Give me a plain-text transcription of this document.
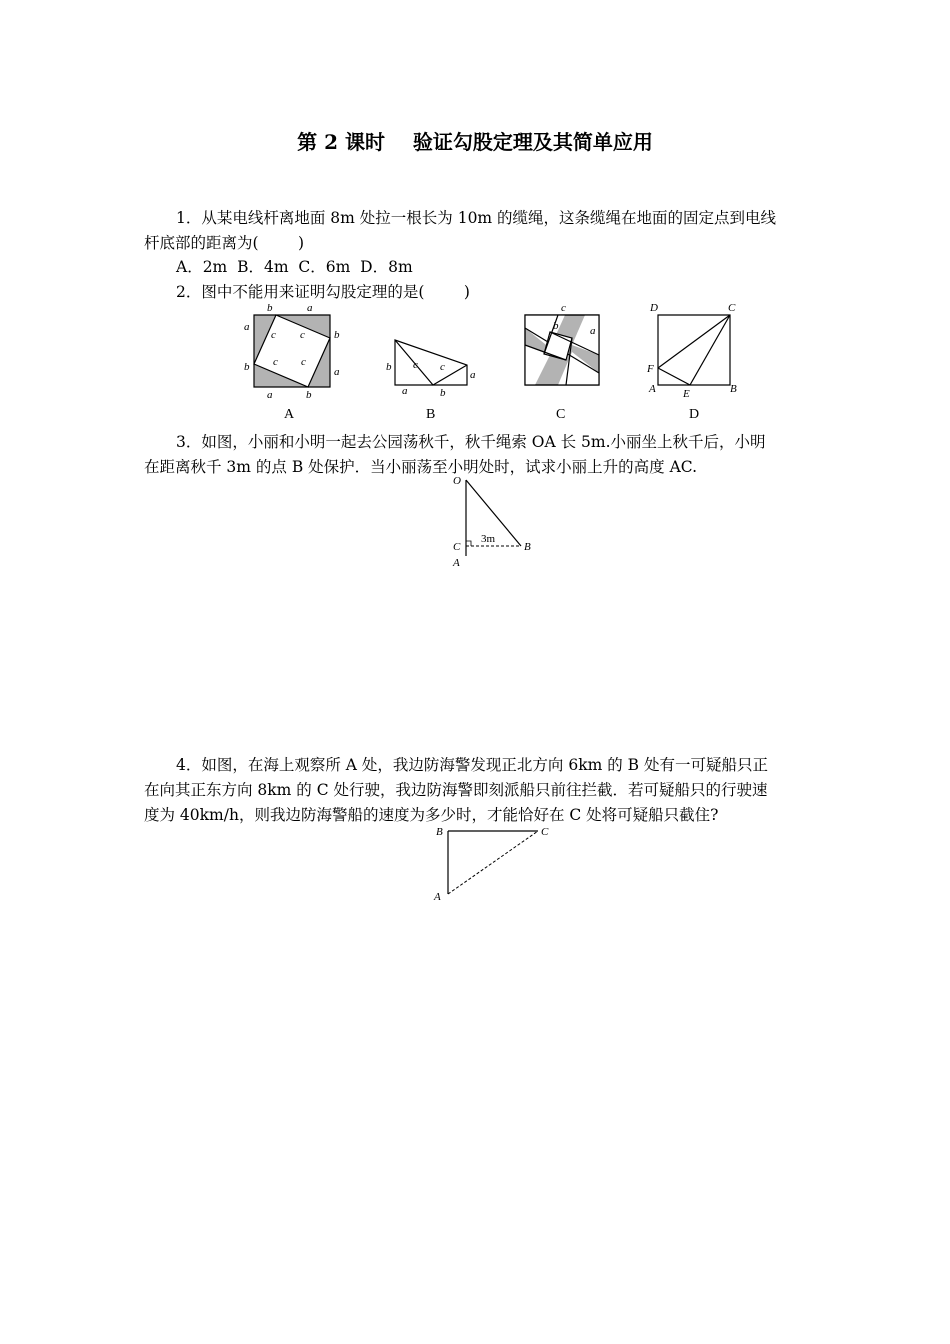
第 2 课时    验证勾股定理及其简单应用
1．从某电线杆离地面 8m 处拉一根长为 10m 的缆绳，这条缆绳在地面的固定点到电线
杆底部的距离为(        )
A．2m  B．4m  C．6m  D．8m
2．图中不能用来证明勾股定理的是(        )
b	a
a
b
c c
c c
b	a
a	b
A
b c c
a
a	b
B
c
b	a
C
D	C
F
A E	B
D
3．如图，小丽和小明一起去公园荡秋千，秋千绳索 OA 长 5m.小丽坐上秋千后，小明
在距离秋千 3m 的点 B 处保护．当小丽荡至小明处时，试求小丽上升的高度 AC.
O
3m
C	B
A
4．如图，在海上观察所 A 处，我边防海警发现正北方向 6km 的 B 处有一可疑船只正
在向其正东方向 8km 的 C 处行驶，我边防海警即刻派船只前往拦截．若可疑船只的行驶速
度为 40km/h，则我边防海警船的速度为多少时，才能恰好在 C 处将可疑船只截住?
B	C
A
